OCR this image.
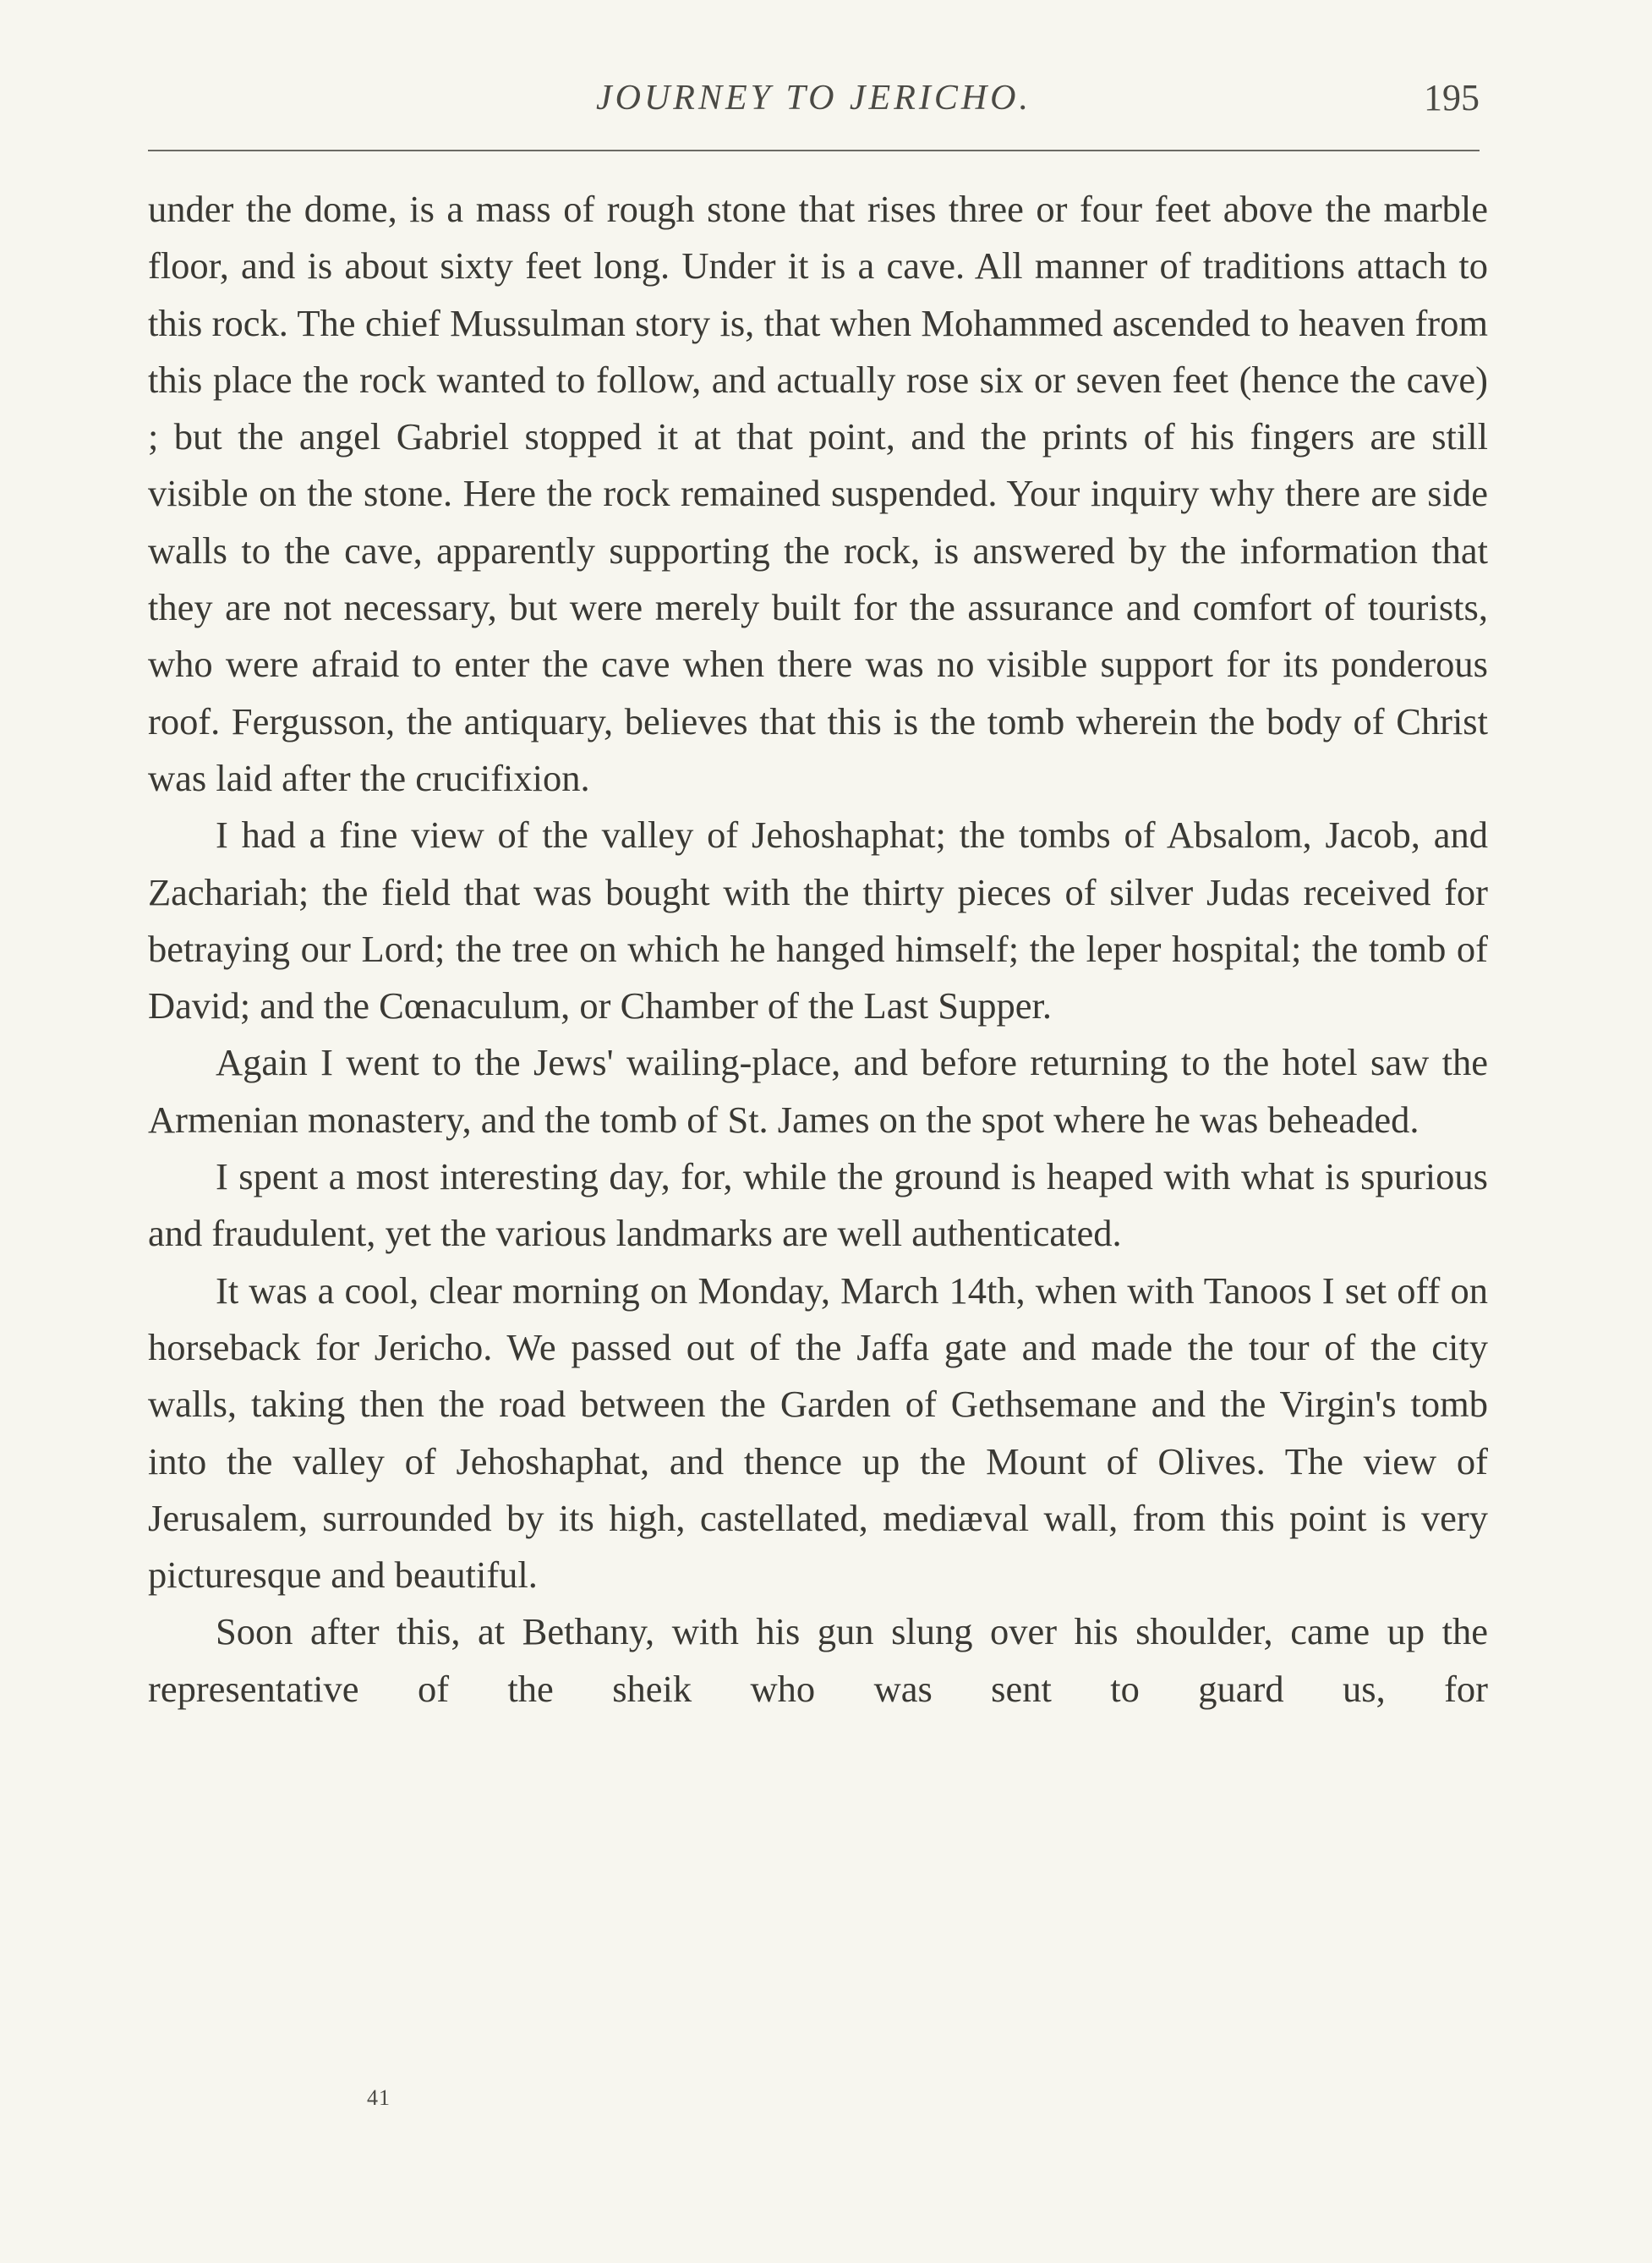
JOURNEY TO JERICHO.	195

under the dome, is a mass of rough stone that rises three or four feet above the marble floor, and is about sixty feet long. Under it is a cave. All manner of traditions attach to this rock. The chief Mussulman story is, that when Mohammed ascended to heaven from this place the rock wanted to follow, and actually rose six or seven feet (hence the cave) ; but the angel Gabriel stopped it at that point, and the prints of his fingers are still visible on the stone. Here the rock remained suspended. Your inquiry why there are side walls to the cave, apparently supporting the rock, is answered by the information that they are not necessary, but were merely built for the assurance and comfort of tourists, who were afraid to enter the cave when there was no visible support for its ponderous roof. Fergusson, the antiquary, believes that this is the tomb wherein the body of Christ was laid after the crucifixion.

I had a fine view of the valley of Jehoshaphat; the tombs of Absalom, Jacob, and Zachariah; the field that was bought with the thirty pieces of silver Judas received for betraying our Lord; the tree on which he hanged himself; the leper hospital; the tomb of David; and the Cœnaculum, or Chamber of the Last Supper.

Again I went to the Jews' wailing-place, and before returning to the hotel saw the Armenian monastery, and the tomb of St. James on the spot where he was beheaded.

I spent a most interesting day, for, while the ground is heaped with what is spurious and fraudulent, yet the various landmarks are well authenticated.

It was a cool, clear morning on Monday, March 14th, when with Tanoos I set off on horseback for Jericho. We passed out of the Jaffa gate and made the tour of the city walls, taking then the road between the Garden of Gethsemane and the Virgin's tomb into the valley of Jehoshaphat, and thence up the Mount of Olives. The view of Jerusalem, surrounded by its high, castellated, mediæval wall, from this point is very picturesque and beautiful.

Soon after this, at Bethany, with his gun slung over his shoulder, came up the representative of the sheik who was sent to guard us, for

41
